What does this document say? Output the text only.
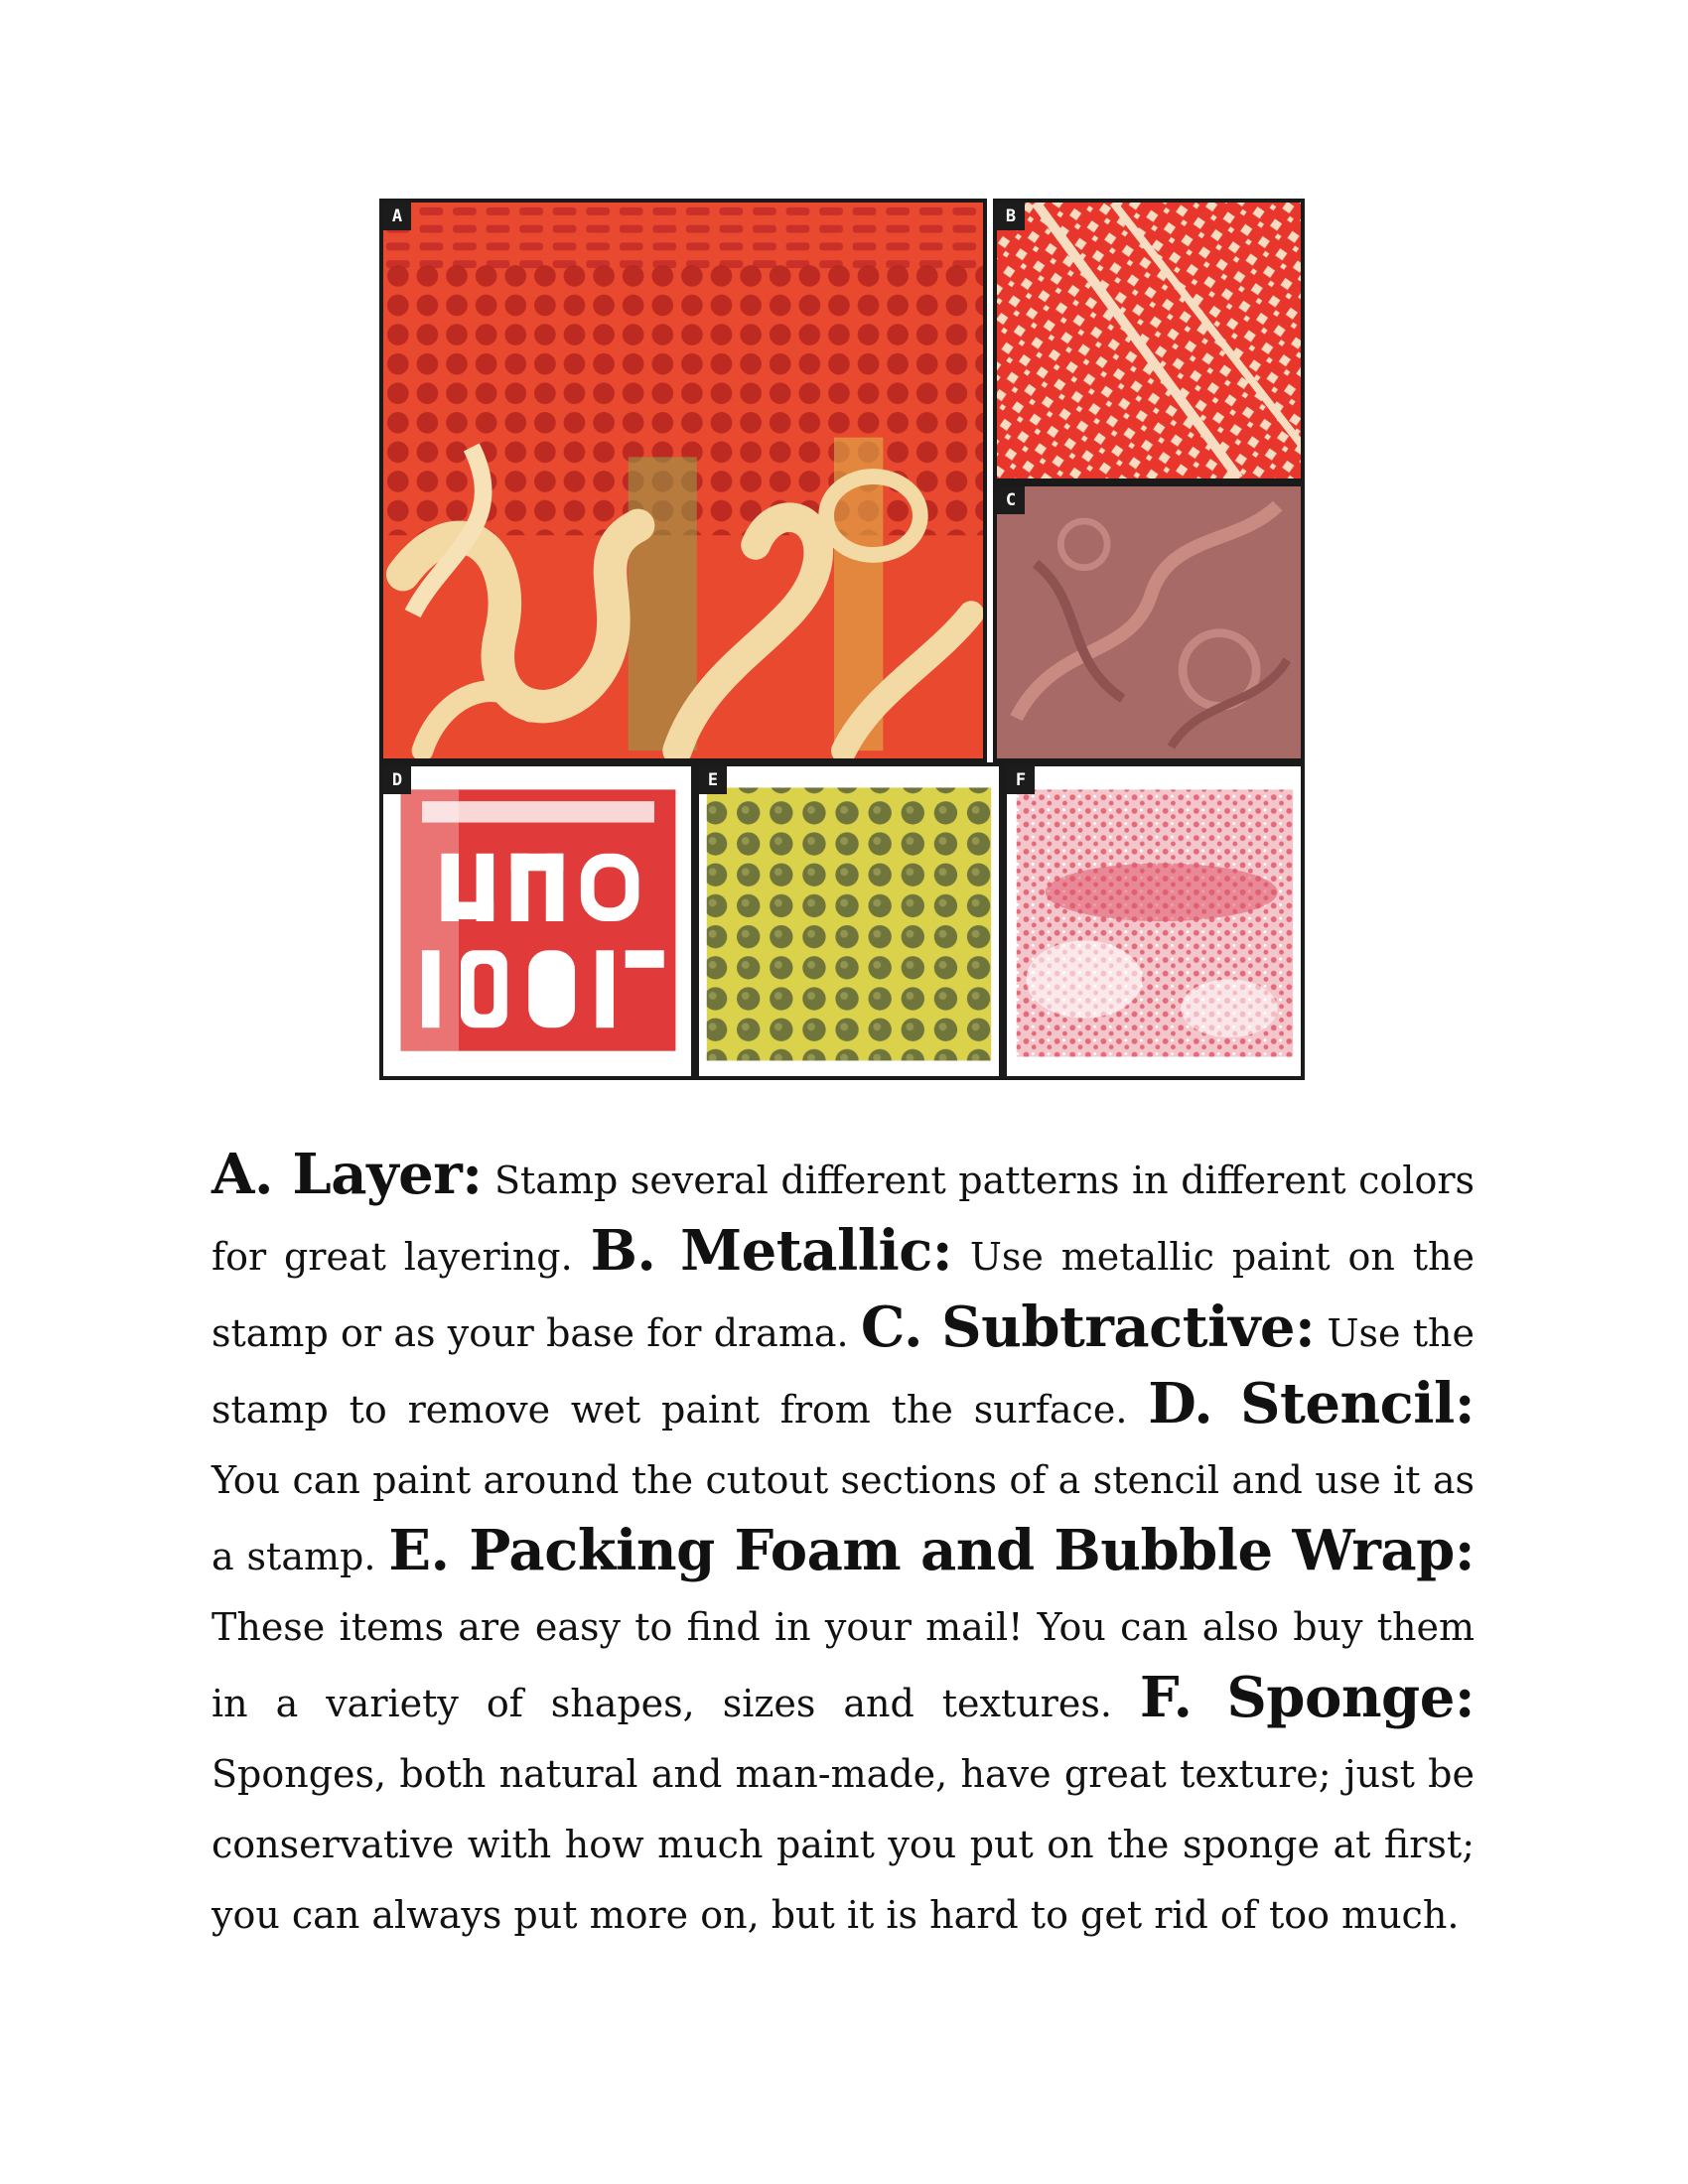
A	B
C
D	E	F
A. Layer: Stamp several different patterns in different colors for great layering. B. Metallic: Use metallic paint on the stamp or as your base for drama. C. Subtractive: Use the stamp to remove wet paint from the surface. D. Stencil: You can paint around the cutout sections of a stencil and use it as a stamp. E. Packing Foam and Bubble Wrap: These items are easy to find in your mail! You can also buy them in a variety of shapes, sizes and textures. F. Sponge: Sponges, both natural and man-made, have great texture; just be conservative with how much paint you put on the sponge at first; you can always put more on, but it is hard to get rid of too much.
